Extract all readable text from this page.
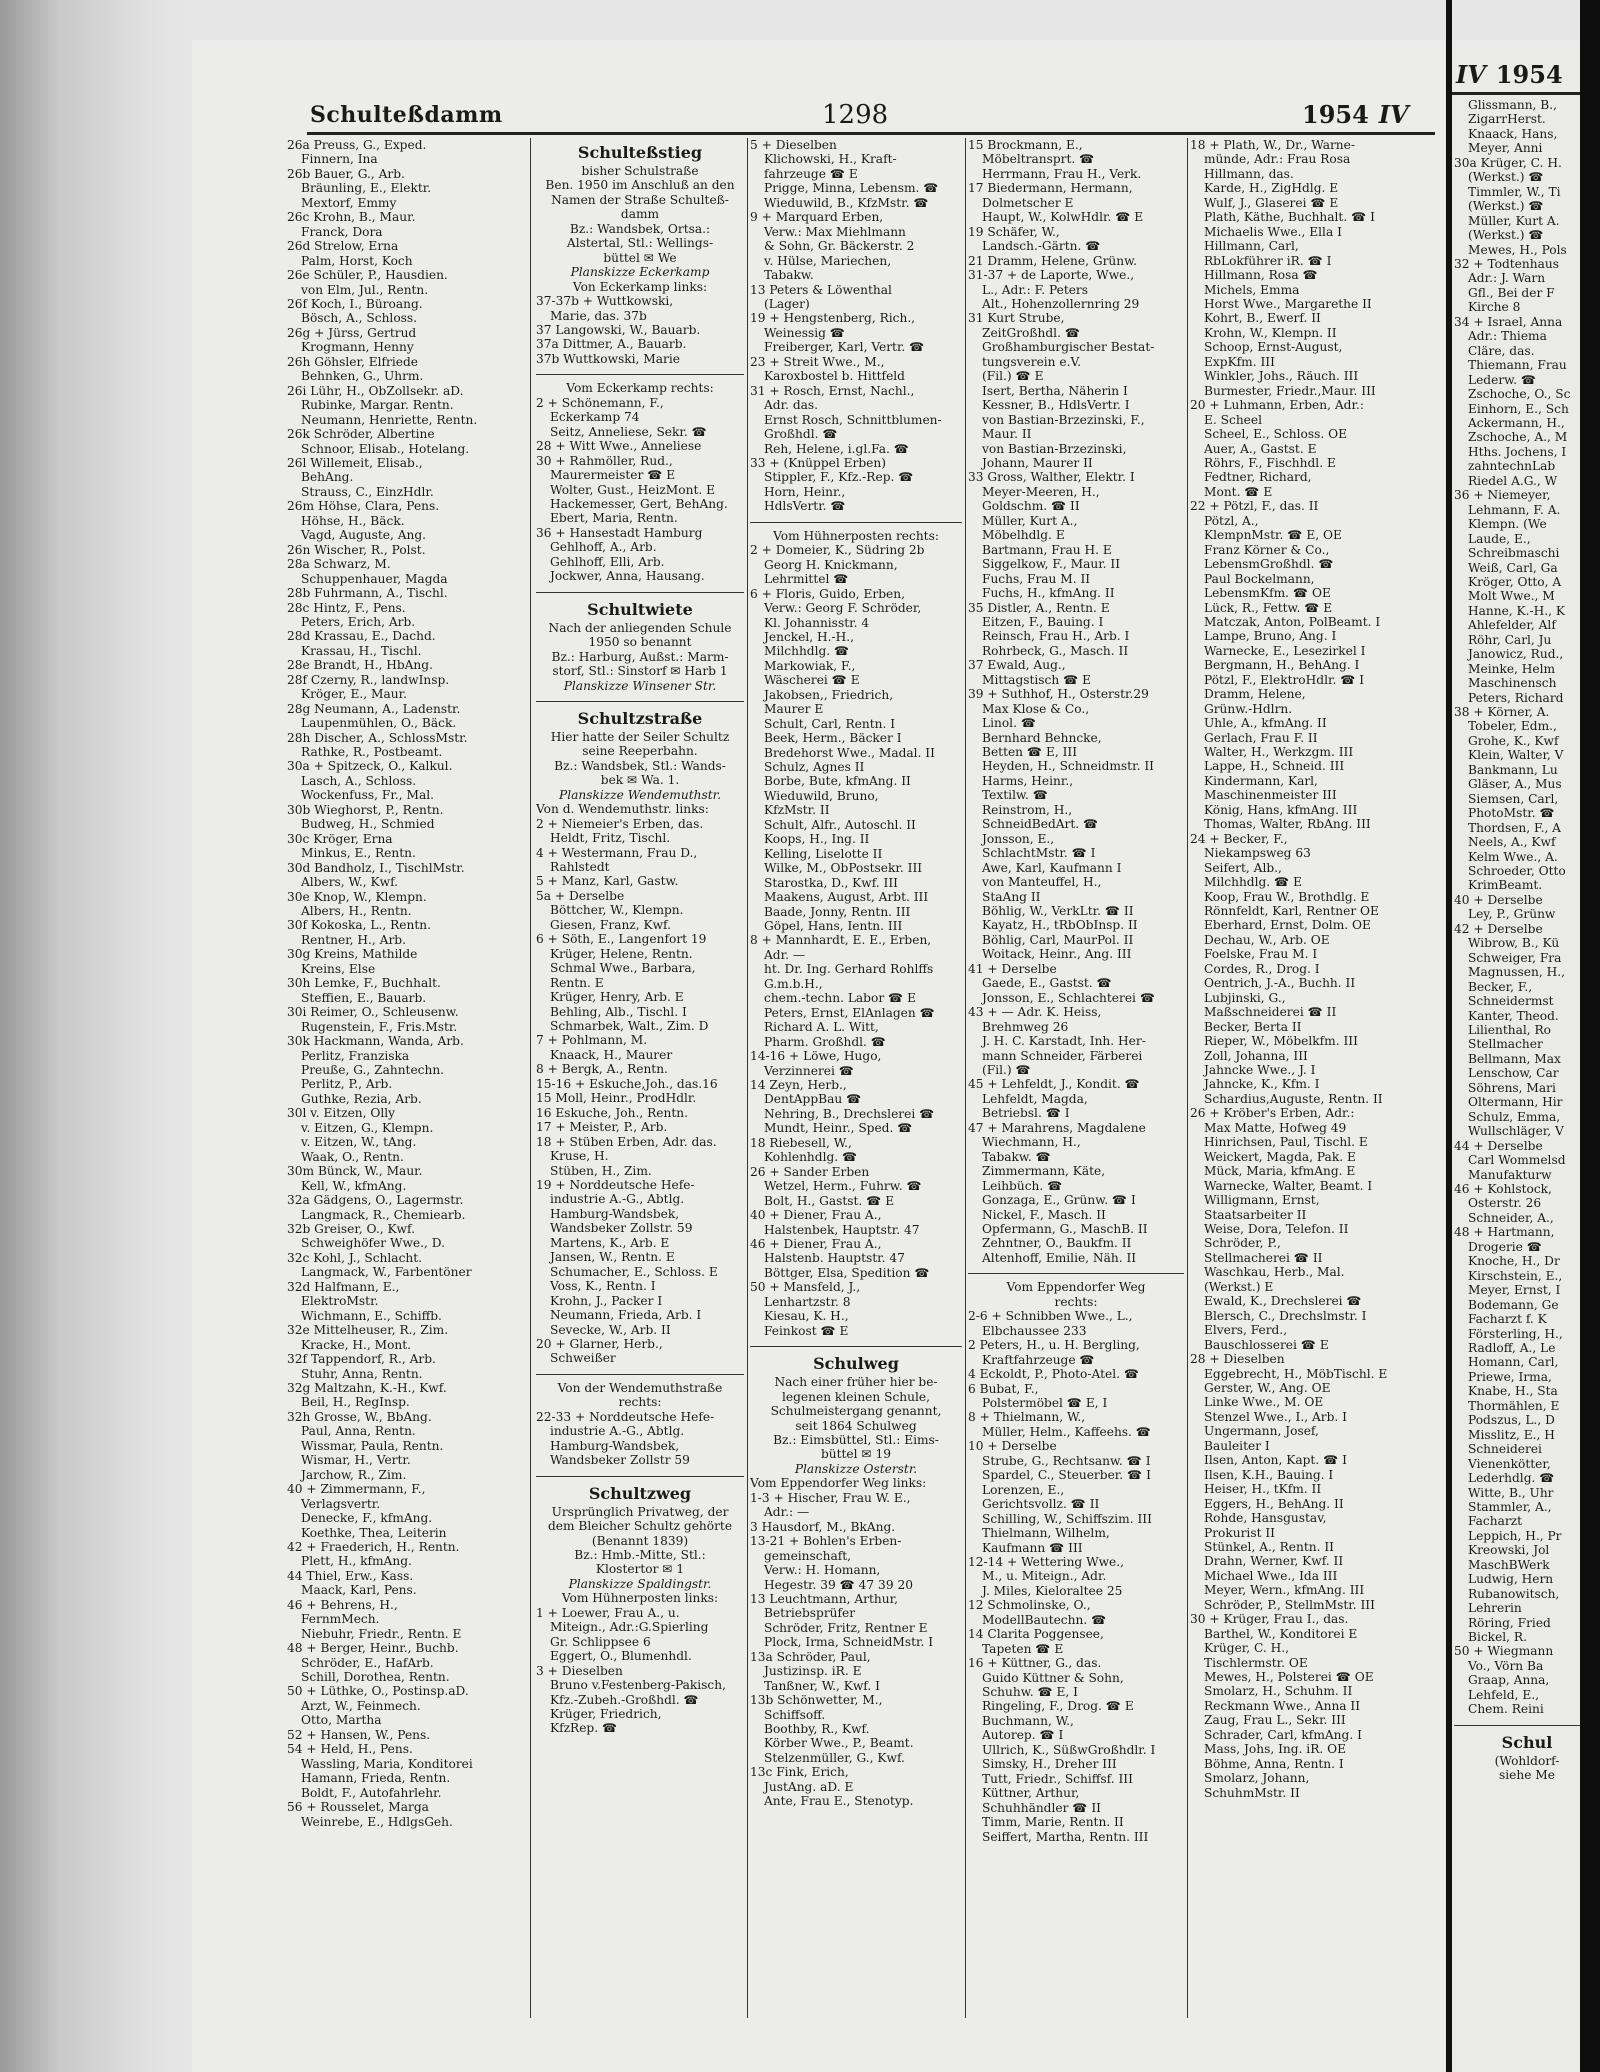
Schulteßdamm	1298	1954 IV
26a Preuss, G., Exped.
Finnern, Ina
26b Bauer, G., Arb.
Bräunling, E., Elektr.
Mextorf, Emmy
26c Krohn, B., Maur.
Franck, Dora
26d Strelow, Erna
Palm, Horst, Koch
26e Schüler, P., Hausdien.
von Elm, Jul., Rentn.
26f Koch, I., Büroang.
Bösch, A., Schloss.
26g + Jürss, Gertrud
Krogmann, Henny
26h Göhsler, Elfriede
Behnken, G., Uhrm.
26i Lühr, H., ObZollsekr. aD.
Rubinke, Margar. Rentn.
Neumann, Henriette, Rentn.
26k Schröder, Albertine
Schnoor, Elisab., Hotelang.
26l Willemeit, Elisab.,
BehAng.
Strauss, C., EinzHdlr.
26m Höhse, Clara, Pens.
Höhse, H., Bäck.
Vagd, Auguste, Ang.
26n Wischer, R., Polst.
28a Schwarz, M.
Schuppenhauer, Magda
28b Fuhrmann, A., Tischl.
28c Hintz, F., Pens.
Peters, Erich, Arb.
28d Krassau, E., Dachd.
Krassau, H., Tischl.
28e Brandt, H., HbAng.
28f Czerny, R., landwInsp.
Kröger, E., Maur.
28g Neumann, A., Ladenstr.
Laupenmühlen, O., Bäck.
28h Discher, A., SchlossMstr.
Rathke, R., Postbeamt.
30a + Spitzeck, O., Kalkul.
Lasch, A., Schloss.
Wockenfuss, Fr., Mal.
30b Wieghorst, P., Rentn.
Budweg, H., Schmied
30c Kröger, Erna
Minkus, E., Rentn.
30d Bandholz, I., TischlMstr.
Albers, W., Kwf.
30e Knop, W., Klempn.
Albers, H., Rentn.
30f Kokoska, L., Rentn.
Rentner, H., Arb.
30g Kreins, Mathilde
Kreins, Else
30h Lemke, F., Buchhalt.
Steffien, E., Bauarb.
30i Reimer, O., Schleusenw.
Rugenstein, F., Fris.Mstr.
30k Hackmann, Wanda, Arb.
Perlitz, Franziska
Preuße, G., Zahntechn.
Perlitz, P., Arb.
Guthke, Rezia, Arb.
30l v. Eitzen, Olly
v. Eitzen, G., Klempn.
v. Eitzen, W., tAng.
Waak, O., Rentn.
30m Bünck, W., Maur.
Kell, W., kfmAng.
32a Gädgens, O., Lagermstr.
Langmack, R., Chemiearb.
32b Greiser, O., Kwf.
Schweighöfer Wwe., D.
32c Kohl, J., Schlacht.
Langmack, W., Farbentöner
32d Halfmann, E.,
ElektroMstr.
Wichmann, E., Schiffb.
32e Mittelheuser, R., Zim.
Kracke, H., Mont.
32f Tappendorf, R., Arb.
Stuhr, Anna, Rentn.
32g Maltzahn, K.-H., Kwf.
Beil, H., RegInsp.
32h Grosse, W., BbAng.
Paul, Anna, Rentn.
Wissmar, Paula, Rentn.
Wismar, H., Vertr.
Jarchow, R., Zim.
40 + Zimmermann, F.,
Verlagsvertr.
Denecke, F., kfmAng.
Koethke, Thea, Leiterin
42 + Fraederich, H., Rentn.
Plett, H., kfmAng.
44 Thiel, Erw., Kass.
Maack, Karl, Pens.
46 + Behrens, H.,
FernmMech.
Niebuhr, Friedr., Rentn. E
48 + Berger, Heinr., Buchb.
Schröder, E., HafArb.
Schill, Dorothea, Rentn.
50 + Lüthke, O., Postinsp.aD.
Arzt, W., Feinmech.
Otto, Martha
52 + Hansen, W., Pens.
54 + Held, H., Pens.
Wassling, Maria, Konditorei
Hamann, Frieda, Rentn.
Boldt, F., Autofahrlehr.
56 + Rousselet, Marga
Weinrebe, E., HdlgsGeh.
Schulteßstieg
bisher Schulstraße
Ben. 1950 im Anschluß an den
Namen der Straße Schulteß-
damm
Bz.: Wandsbek, Ortsa.:
Alstertal, Stl.: Wellings-
büttel ✉ We
Planskizze Eckerkamp
Von Eckerkamp links:
37-37b + Wuttkowski,
Marie, das. 37b
37 Langowski, W., Bauarb.
37a Dittmer, A., Bauarb.
37b Wuttkowski, Marie
Vom Eckerkamp rechts:
2 + Schönemann, F.,
Eckerkamp 74
Seitz, Anneliese, Sekr. ☎
28 + Witt Wwe., Anneliese
30 + Rahmöller, Rud.,
Maurermeister ☎ E
Wolter, Gust., HeizMont. E
Hackemesser, Gert, BehAng.
Ebert, Maria, Rentn.
36 + Hansestadt Hamburg
Gehlhoff, A., Arb.
Gehlhoff, Elli, Arb.
Jockwer, Anna, Hausang.
Schultwiete
Nach der anliegenden Schule
1950 so benannt
Bz.: Harburg, Außst.: Marm-
storf, Stl.: Sinstorf ✉ Harb 1
Planskizze Winsener Str.
Schultzstraße
Hier hatte der Seiler Schultz
seine Reeperbahn.
Bz.: Wandsbek, Stl.: Wands-
bek ✉ Wa. 1.
Planskizze Wendemuthstr.
Von d. Wendemuthstr. links:
2 + Niemeier's Erben, das.
Heldt, Fritz, Tischl.
4 + Westermann, Frau D.,
Rahlstedt
5 + Manz, Karl, Gastw.
5a + Derselbe
Böttcher, W., Klempn.
Giesen, Franz, Kwf.
6 + Söth, E., Langenfort 19
Krüger, Helene, Rentn.
Schmal Wwe., Barbara,
Rentn. E
Krüger, Henry, Arb. E
Behling, Alb., Tischl. I
Schmarbek, Walt., Zim. D
7 + Pohlmann, M.
Knaack, H., Maurer
8 + Bergk, A., Rentn.
15-16 + Eskuche,Joh., das.16
15 Moll, Heinr., ProdHdlr.
16 Eskuche, Joh., Rentn.
17 + Meister, P., Arb.
18 + Stüben Erben, Adr. das.
Kruse, H.
Stüben, H., Zim.
19 + Norddeutsche Hefe-
industrie A.-G., Abtlg.
Hamburg-Wandsbek,
Wandsbeker Zollstr. 59
Martens, K., Arb. E
Jansen, W., Rentn. E
Schumacher, E., Schloss. E
Voss, K., Rentn. I
Krohn, J., Packer I
Neumann, Frieda, Arb. I
Sevecke, W., Arb. II
20 + Glarner, Herb.,
Schweißer
Von der Wendemuthstraße
rechts:
22-33 + Norddeutsche Hefe-
industrie A.-G., Abtlg.
Hamburg-Wandsbek,
Wandsbeker Zollstr 59
Schultzweg
Ursprünglich Privatweg, der
dem Bleicher Schultz gehörte
(Benannt 1839)
Bz.: Hmb.-Mitte, Stl.:
Klostertor ✉ 1
Planskizze Spaldingstr.
Vom Hühnerposten links:
1 + Loewer, Frau A., u.
Miteign., Adr.:G.Spierling
Gr. Schlippsee 6
Eggert, O., Blumenhdl.
3 + Dieselben
Bruno v.Festenberg-Pakisch,
Kfz.-Zubeh.-Großhdl. ☎
Krüger, Friedrich,
KfzRep. ☎
5 + Dieselben
Klichowski, H., Kraft-
fahrzeuge ☎ E
Prigge, Minna, Lebensm. ☎
Wieduwild, B., KfzMstr. ☎
9 + Marquard Erben,
Verw.: Max Miehlmann
& Sohn, Gr. Bäckerstr. 2
v. Hülse, Mariechen,
Tabakw.
13 Peters & Löwenthal
(Lager)
19 + Hengstenberg, Rich.,
Weinessig ☎
Freiberger, Karl, Vertr. ☎
23 + Streit Wwe., M.,
Karoxbostel b. Hittfeld
31 + Rosch, Ernst, Nachl.,
Adr. das.
Ernst Rosch, Schnittblumen-
Großhdl. ☎
Reh, Helene, i.gl.Fa. ☎
33 + (Knüppel Erben)
Stippler, F., Kfz.-Rep. ☎
Horn, Heinr.,
HdlsVertr. ☎
Vom Hühnerposten rechts:
2 + Domeier, K., Südring 2b
Georg H. Knickmann,
Lehrmittel ☎
6 + Floris, Guido, Erben,
Verw.: Georg F. Schröder,
Kl. Johannisstr. 4
Jenckel, H.-H.,
Milchhdlg. ☎
Markowiak, F.,
Wäscherei ☎ E
Jakobsen,, Friedrich,
Maurer E
Schult, Carl, Rentn. I
Beek, Herm., Bäcker I
Bredehorst Wwe., Madal. II
Schulz, Agnes II
Borbe, Bute, kfmAng. II
Wieduwild, Bruno,
KfzMstr. II
Schult, Alfr., Autoschl. II
Koops, H., Ing. II
Kelling, Liselotte II
Wilke, M., ObPostsekr. III
Starostka, D., Kwf. III
Maakens, August, Arbt. III
Baade, Jonny, Rentn. III
Göpel, Hans, Ientn. III
8 + Mannhardt, E. E., Erben,
Adr. —
ht. Dr. Ing. Gerhard Rohlffs
G.m.b.H.,
chem.-techn. Labor ☎ E
Peters, Ernst, ElAnlagen ☎
Richard A. L. Witt,
Pharm. Großhdl. ☎
14-16 + Löwe, Hugo,
Verzinnerei ☎
14 Zeyn, Herb.,
DentAppBau ☎
Nehring, B., Drechslerei ☎
Mundt, Heinr., Sped. ☎
18 Riebesell, W.,
Kohlenhdlg. ☎
26 + Sander Erben
Wetzel, Herm., Fuhrw. ☎
Bolt, H., Gastst. ☎ E
40 + Diener, Frau A.,
Halstenbek, Hauptstr. 47
46 + Diener, Frau A.,
Halstenb. Hauptstr. 47
Böttger, Elsa, Spedition ☎
50 + Mansfeld, J.,
Lenhartzstr. 8
Kiesau, K. H.,
Feinkost ☎ E
Schulweg
Nach einer früher hier be-
legenen kleinen Schule,
Schulmeistergang genannt,
seit 1864 Schulweg
Bz.: Eimsbüttel, Stl.: Eims-
büttel ✉ 19
Planskizze Osterstr.
Vom Eppendorfer Weg links:
1-3 + Hischer, Frau W. E.,
Adr.: —
3 Hausdorf, M., BkAng.
13-21 + Bohlen's Erben-
gemeinschaft,
Verw.: H. Homann,
Hegestr. 39 ☎ 47 39 20
13 Leuchtmann, Arthur,
Betriebsprüfer
Schröder, Fritz, Rentner E
Plock, Irma, SchneidMstr. I
13a Schröder, Paul,
Justizinsp. iR. E
Tanßner, W., Kwf. I
13b Schönwetter, M.,
Schiffsoff.
Boothby, R., Kwf.
Körber Wwe., P., Beamt.
Stelzenmüller, G., Kwf.
13c Fink, Erich,
JustAng. aD. E
Ante, Frau E., Stenotyp.
15 Brockmann, E.,
Möbeltransprt. ☎
Herrmann, Frau H., Verk.
17 Biedermann, Hermann,
Dolmetscher E
Haupt, W., KolwHdlr. ☎ E
19 Schäfer, W.,
Landsch.-Gärtn. ☎
21 Dramm, Helene, Grünw.
31-37 + de Laporte, Wwe.,
L., Adr.: F. Peters
Alt., Hohenzollernring 29
31 Kurt Strube,
ZeitGroßhdl. ☎
Großhamburgischer Bestat-
tungsverein e.V.
(Fil.) ☎ E
Isert, Bertha, Näherin I
Kessner, B., HdlsVertr. I
von Bastian-Brzezinski, F.,
Maur. II
von Bastian-Brzezinski,
Johann, Maurer II
33 Gross, Walther, Elektr. I
Meyer-Meeren, H.,
Goldschm. ☎ II
Müller, Kurt A.,
Möbelhdlg. E
Bartmann, Frau H. E
Siggelkow, F., Maur. II
Fuchs, Frau M. II
Fuchs, H., kfmAng. II
35 Distler, A., Rentn. E
Eitzen, F., Bauing. I
Reinsch, Frau H., Arb. I
Rohrbeck, G., Masch. II
37 Ewald, Aug.,
Mittagstisch ☎ E
39 + Suthhof, H., Osterstr.29
Max Klose & Co.,
Linol. ☎
Bernhard Behncke,
Betten ☎ E, III
Heyden, H., Schneidmstr. II
Harms, Heinr.,
Textilw. ☎
Reinstrom, H.,
SchneidBedArt. ☎
Jonsson, E.,
SchlachtMstr. ☎ I
Awe, Karl, Kaufmann I
von Manteuffel, H.,
StaAng II
Böhlig, W., VerkLtr. ☎ II
Kayatz, H., tRbObInsp. II
Böhlig, Carl, MaurPol. II
Woitack, Heinr., Ang. III
41 + Derselbe
Gaede, E., Gastst. ☎
Jonsson, E., Schlachterei ☎
43 + — Adr. K. Heiss,
Brehmweg 26
J. H. C. Karstadt, Inh. Her-
mann Schneider, Färberei
(Fil.) ☎
45 + Lehfeldt, J., Kondit. ☎
Lehfeldt, Magda,
Betriebsl. ☎ I
47 + Marahrens, Magdalene
Wiechmann, H.,
Tabakw. ☎
Zimmermann, Käte,
Leihbüch. ☎
Gonzaga, E., Grünw. ☎ I
Nickel, F., Masch. II
Opfermann, G., MaschB. II
Zehntner, O., Baukfm. II
Altenhoff, Emilie, Näh. II
Vom Eppendorfer Weg
rechts:
2-6 + Schnibben Wwe., L.,
Elbchaussee 233
2 Peters, H., u. H. Bergling,
Kraftfahrzeuge ☎
4 Eckoldt, P., Photo-Atel. ☎
6 Bubat, F.,
Polstermöbel ☎ E, I
8 + Thielmann, W.,
Müller, Helm., Kaffeehs. ☎
10 + Derselbe
Strube, G., Rechtsanw. ☎ I
Spardel, C., Steuerber. ☎ I
Lorenzen, E.,
Gerichtsvollz. ☎ II
Schilling, W., Schiffszim. III
Thielmann, Wilhelm,
Kaufmann ☎ III
12-14 + Wettering Wwe.,
M., u. Miteign., Adr.
J. Miles, Kieloraltee 25
12 Schmolinske, O.,
ModellBautechn. ☎
14 Clarita Poggensee,
Tapeten ☎ E
16 + Küttner, G., das.
Guido Küttner & Sohn,
Schuhw. ☎ E, I
Ringeling, F., Drog. ☎ E
Buchmann, W.,
Autorep. ☎ I
Ullrich, K., SüßwGroßhdlr. I
Simsky, H., Dreher III
Tutt, Friedr., Schiffsf. III
Küttner, Arthur,
Schuhhändler ☎ II
Timm, Marie, Rentn. II
Seiffert, Martha, Rentn. III
18 + Plath, W., Dr., Warne-
münde, Adr.: Frau Rosa
Hillmann, das.
Karde, H., ZigHdlg. E
Wulf, J., Glaserei ☎ E
Plath, Käthe, Buchhalt. ☎ I
Michaelis Wwe., Ella I
Hillmann, Carl,
RbLokführer iR. ☎ I
Hillmann, Rosa ☎
Michels, Emma
Horst Wwe., Margarethe II
Kohrt, B., Ewerf. II
Krohn, W., Klempn. II
Schoop, Ernst-August,
ExpKfm. III
Winkler, Johs., Räuch. III
Burmester, Friedr.,Maur. III
20 + Luhmann, Erben, Adr.:
E. Scheel
Scheel, E., Schloss. OE
Auer, A., Gastst. E
Röhrs, F., Fischhdl. E
Fedtner, Richard,
Mont. ☎ E
22 + Pötzl, F., das. II
Pötzl, A.,
KlempnMstr. ☎ E, OE
Franz Körner & Co.,
LebensmGroßhdl. ☎
Paul Bockelmann,
LebensmKfm. ☎ OE
Lück, R., Fettw. ☎ E
Matczak, Anton, PolBeamt. I
Lampe, Bruno, Ang. I
Warnecke, E., Lesezirkel I
Bergmann, H., BehAng. I
Pötzl, F., ElektroHdlr. ☎ I
Dramm, Helene,
Grünw.-Hdlrn.
Uhle, A., kfmAng. II
Gerlach, Frau F. II
Walter, H., Werkzgm. III
Lappe, H., Schneid. III
Kindermann, Karl,
Maschinenmeister III
König, Hans, kfmAng. III
Thomas, Walter, RbAng. III
24 + Becker, F.,
Niekampsweg 63
Seifert, Alb.,
Milchhdlg. ☎ E
Koop, Frau W., Brothdlg. E
Rönnfeldt, Karl, Rentner OE
Eberhard, Ernst, Dolm. OE
Dechau, W., Arb. OE
Foelske, Frau M. I
Cordes, R., Drog. I
Oentrich, J.-A., Buchh. II
Lubjinski, G.,
Maßschneiderei ☎ II
Becker, Berta II
Rieper, W., Möbelkfm. III
Zoll, Johanna, III
Jahncke Wwe., J. I
Jahncke, K., Kfm. I
Schardius,Auguste, Rentn. II
26 + Kröber's Erben, Adr.:
Max Matte, Hofweg 49
Hinrichsen, Paul, Tischl. E
Weickert, Magda, Pak. E
Mück, Maria, kfmAng. E
Warnecke, Walter, Beamt. I
Willigmann, Ernst,
Staatsarbeiter II
Weise, Dora, Telefon. II
Schröder, P.,
Stellmacherei ☎ II
Waschkau, Herb., Mal.
(Werkst.) E
Ewald, K., Drechslerei ☎
Blersch, C., Drechslmstr. I
Elvers, Ferd.,
Bauschlosserei ☎ E
28 + Dieselben
Eggebrecht, H., MöbTischl. E
Gerster, W., Ang. OE
Linke Wwe., M. OE
Stenzel Wwe., I., Arb. I
Ungermann, Josef,
Bauleiter I
Ilsen, Anton, Kapt. ☎ I
Ilsen, K.H., Bauing. I
Heiser, H., tKfm. II
Eggers, H., BehAng. II
Rohde, Hansgustav,
Prokurist II
Stünkel, A., Rentn. II
Drahn, Werner, Kwf. II
Michael Wwe., Ida III
Meyer, Wern., kfmAng. III
Schröder, P., StellmMstr. III
30 + Krüger, Frau I., das.
Barthel, W., Konditorei E
Krüger, C. H.,
Tischlermstr. OE
Mewes, H., Polsterei ☎ OE
Smolarz, H., Schuhm. II
Reckmann Wwe., Anna II
Zaug, Frau L., Sekr. III
Schrader, Carl, kfmAng. I
Mass, Johs, Ing. iR. OE
Böhme, Anna, Rentn. I
Smolarz, Johann,
SchuhmMstr. II
IV 1954
Glissmann, B.,
ZigarrHerst.
Knaack, Hans,
Meyer, Anni
30a Krüger, C. H.
(Werkst.) ☎
Timmler, W., Ti
(Werkst.) ☎
Müller, Kurt A.
(Werkst.) ☎
Mewes, H., Pols
32 + Todtenhaus
Adr.: J. Warn
Gfl., Bei der F
Kirche 8
34 + Israel, Anna
Adr.: Thiema
Cläre, das.
Thiemann, Frau
Lederw. ☎
Zschoche, O., Sc
Einhorn, E., Sch
Ackermann, H.,
Zschoche, A., M
Hths. Jochens, I
zahntechnLab
Riedel A.G., W
36 + Niemeyer,
Lehmann, F. A.
Klempn. (We
Laude, E.,
Schreibmaschi
Weiß, Carl, Ga
Kröger, Otto, A
Molt Wwe., M
Hanne, K.-H., K
Ahlefelder, Alf
Röhr, Carl, Ju
Janowicz, Rud.,
Meinke, Helm
Maschinensch
Peters, Richard
38 + Körner, A.
Tobeler, Edm.,
Grohe, K., Kwf
Klein, Walter, V
Bankmann, Lu
Gläser, A., Mus
Siemsen, Carl,
PhotoMstr. ☎
Thordsen, F., A
Neels, A., Kwf
Kelm Wwe., A.
Schroeder, Otto
KrimBeamt.
40 + Derselbe
Ley, P., Grünw
42 + Derselbe
Wibrow, B., Kü
Schweiger, Fra
Magnussen, H.,
Becker, F.,
Schneidermst
Kanter, Theod.
Lilienthal, Ro
Stellmacher
Bellmann, Max
Lenschow, Car
Söhrens, Mari
Oltermann, Hir
Schulz, Emma,
Wullschläger, V
44 + Derselbe
Carl Wommelsd
Manufakturw
46 + Kohlstock,
Osterstr. 26
Schneider, A.,
48 + Hartmann,
Drogerie ☎
Knoche, H., Dr
Kirschstein, E.,
Meyer, Ernst, I
Bodemann, Ge
Facharzt f. K
Försterling, H.,
Radloff, A., Le
Homann, Carl,
Priewe, Irma,
Knabe, H., Sta
Thormählen, E
Podszus, L., D
Misslitz, E., H
Schneiderei
Vienenkötter,
Lederhdlg. ☎
Witte, B., Uhr
Stammler, A.,
Facharzt
Leppich, H., Pr
Kreowski, Jol
MaschBWerk
Ludwig, Hern
Rubanowitsch,
Lehrerin
Röring, Fried
Bickel, R.
50 + Wiegmann
Vo., Vörn Ba
Graap, Anna,
Lehfeld, E.,
Chem. Reini
Schul
(Wohldorf-
siehe Me
